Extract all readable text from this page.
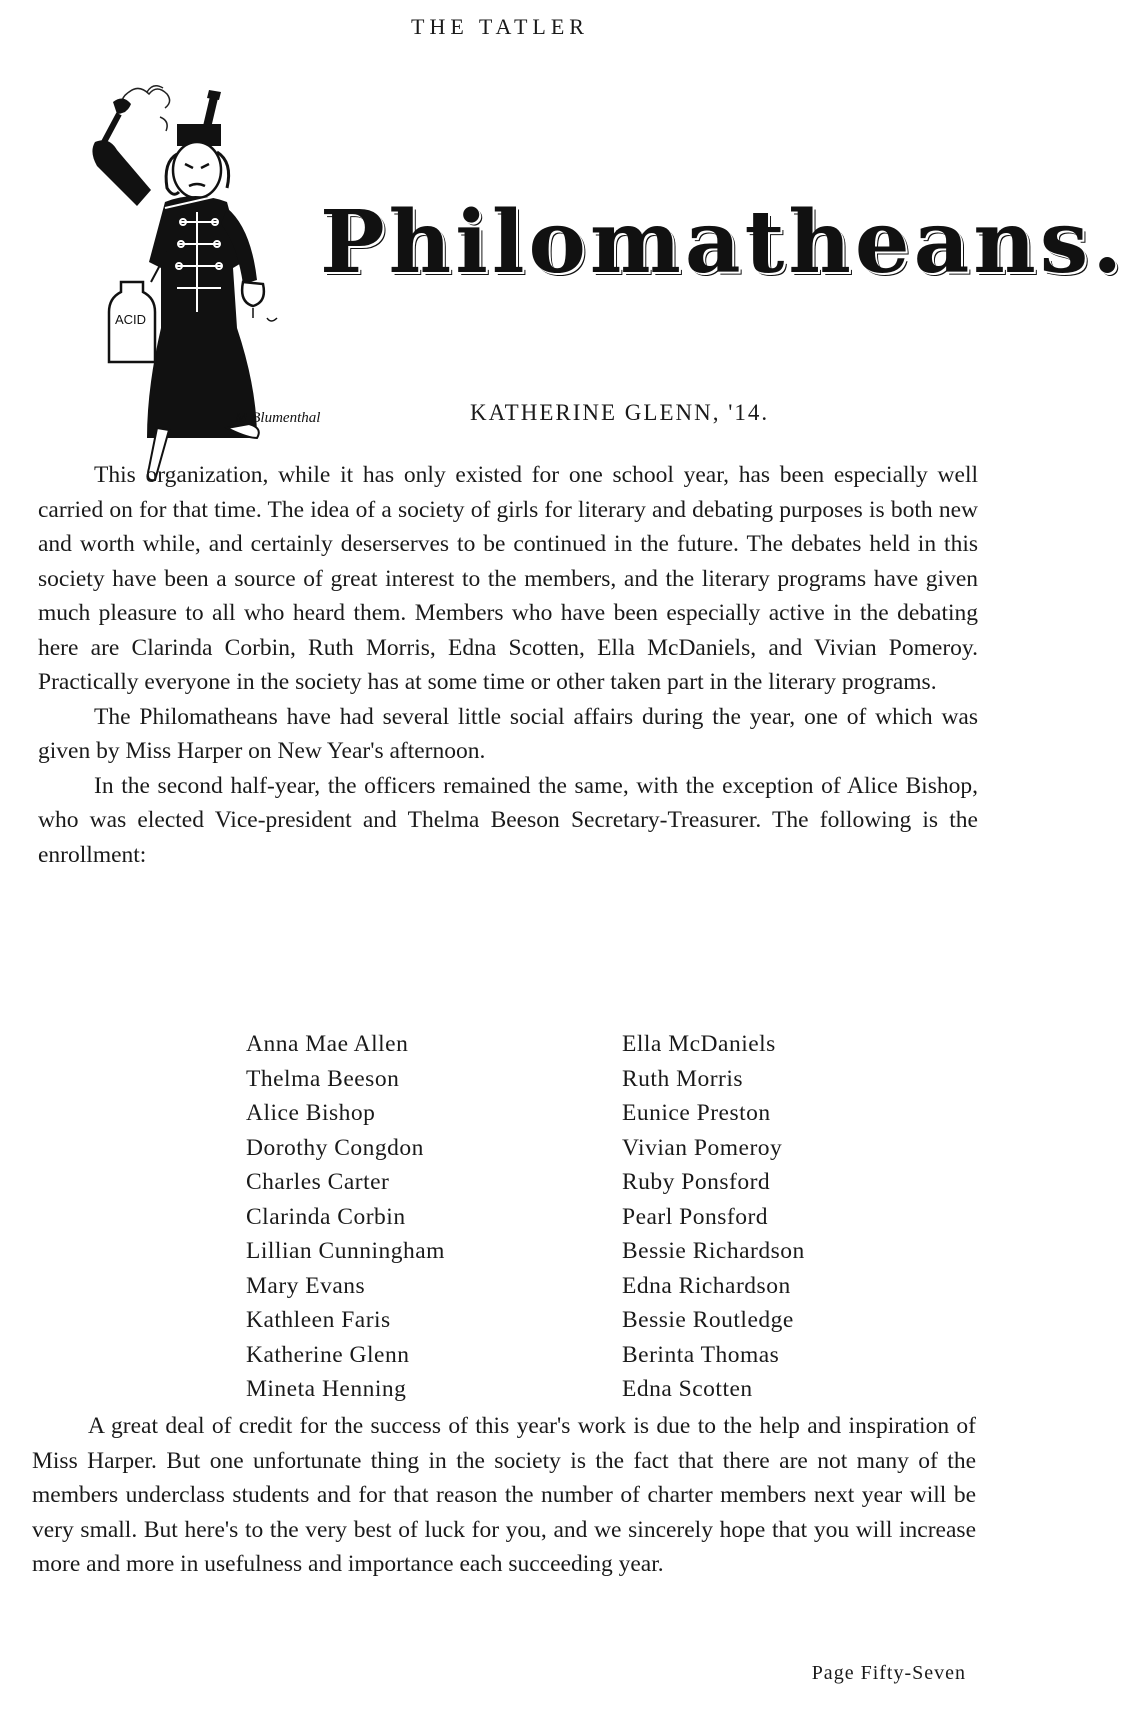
THE TATLER
ACID
M Blumenthal
Philomatheans.
KATHERINE GLENN, '14.

This organization, while it has only existed for one school year, has been especially well carried on for that time. The idea of a society of girls for literary and debating purposes is both new and worth while, and certainly deserserves to be continued in the future. The debates held in this society have been a source of great interest to the members, and the literary programs have given much pleasure to all who heard them. Members who have been especially active in the debating here are Clarinda Corbin, Ruth Morris, Edna Scotten, Ella McDaniels, and Vivian Pomeroy. Practically everyone in the society has at some time or other taken part in the literary programs.

The Philomatheans have had several little social affairs during the year, one of which was given by Miss Harper on New Year's afternoon.

In the second half-year, the officers remained the same, with the exception of Alice Bishop, who was elected Vice-president and Thelma Beeson Secretary-Treasurer. The following is the enrollment:

Anna Mae Allen
Thelma Beeson
Alice Bishop
Dorothy Congdon
Charles Carter
Clarinda Corbin
Lillian Cunningham
Mary Evans
Kathleen Faris
Katherine Glenn
Mineta Henning
Ella McDaniels
Ruth Morris
Eunice Preston
Vivian Pomeroy
Ruby Ponsford
Pearl Ponsford
Bessie Richardson
Edna Richardson
Bessie Routledge
Berinta Thomas
Edna Scotten

A great deal of credit for the success of this year's work is due to the help and inspiration of Miss Harper. But one unfortunate thing in the society is the fact that there are not many of the members underclass students and for that reason the number of charter members next year will be very small. But here's to the very best of luck for you, and we sincerely hope that you will increase more and more in usefulness and importance each succeeding year.

Page Fifty-Seven
